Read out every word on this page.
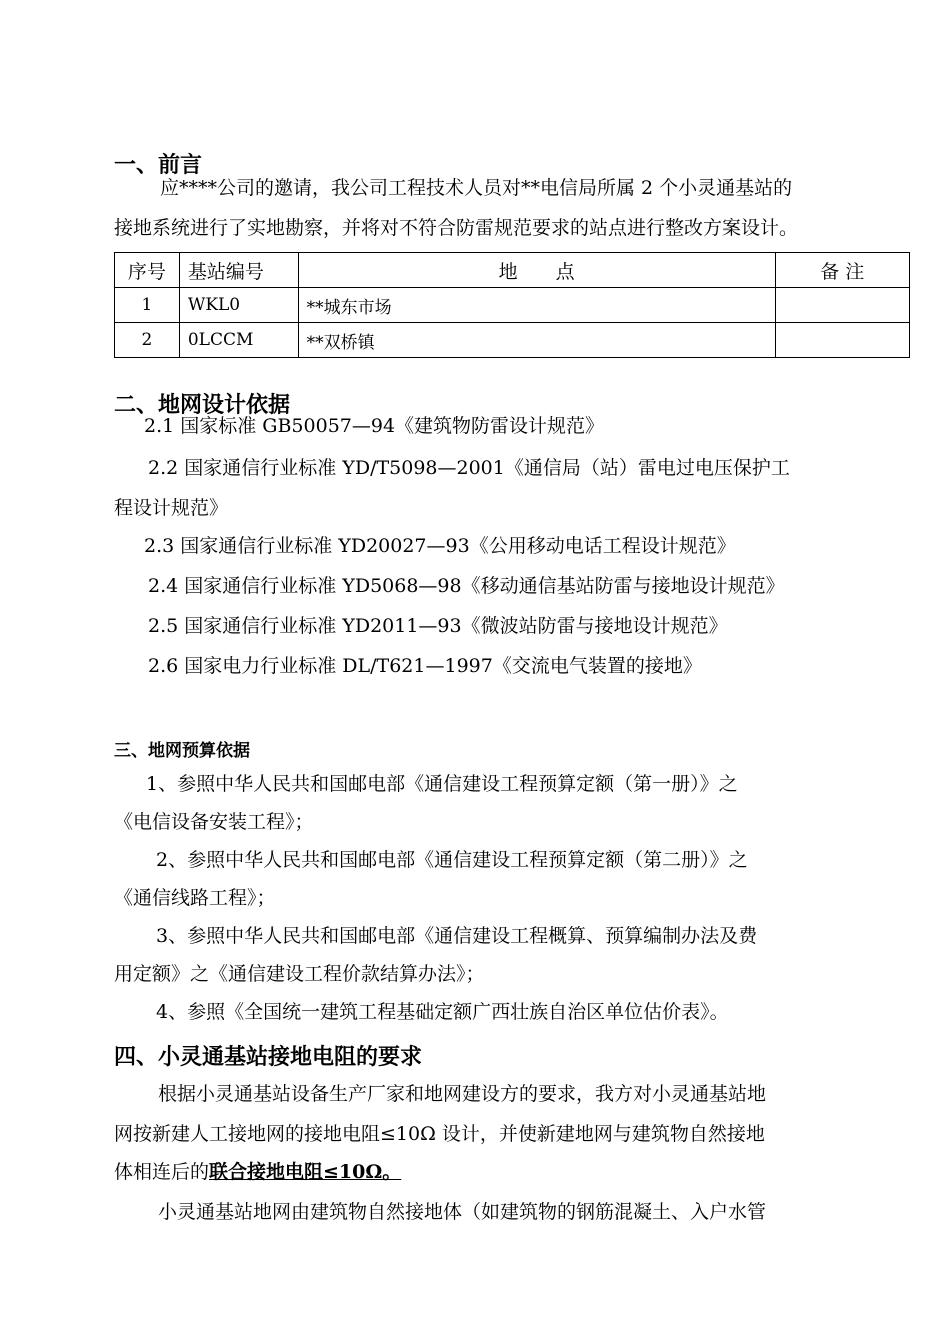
一、前言
应****公司的邀请，我公司工程技术人员对**电信局所属 2 个小灵通基站的
接地系统进行了实地勘察，并将对不符合防雷规范要求的站点进行整改方案设计。
序号	基站编号	地　　点	备 注
1	WKL0	**城东市场	
2	0LCCM	**双桥镇	
二、地网设计依据
2.1 国家标准 GB50057—94《建筑物防雷设计规范》
2.2 国家通信行业标准 YD/T5098—2001《通信局（站）雷电过电压保护工
程设计规范》
2.3 国家通信行业标准 YD20027—93《公用移动电话工程设计规范》
2.4 国家通信行业标准 YD5068—98《移动通信基站防雷与接地设计规范》
2.5 国家通信行业标准 YD2011—93《微波站防雷与接地设计规范》
2.6 国家电力行业标准 DL/T621—1997《交流电气装置的接地》
三、地网预算依据
1、参照中华人民共和国邮电部《通信建设工程预算定额（第一册）》之
《电信设备安装工程》；
2、参照中华人民共和国邮电部《通信建设工程预算定额（第二册）》之
《通信线路工程》；
3、参照中华人民共和国邮电部《通信建设工程概算、预算编制办法及费
用定额》之《通信建设工程价款结算办法》；
4、参照《全国统一建筑工程基础定额广西壮族自治区单位估价表》。
四、小灵通基站接地电阻的要求
根据小灵通基站设备生产厂家和地网建设方的要求，我方对小灵通基站地
网按新建人工接地网的接地电阻≤10Ω 设计，并使新建地网与建筑物自然接地
体相连后的联合接地电阻≤10Ω。
小灵通基站地网由建筑物自然接地体（如建筑物的钢筋混凝土、入户水管
